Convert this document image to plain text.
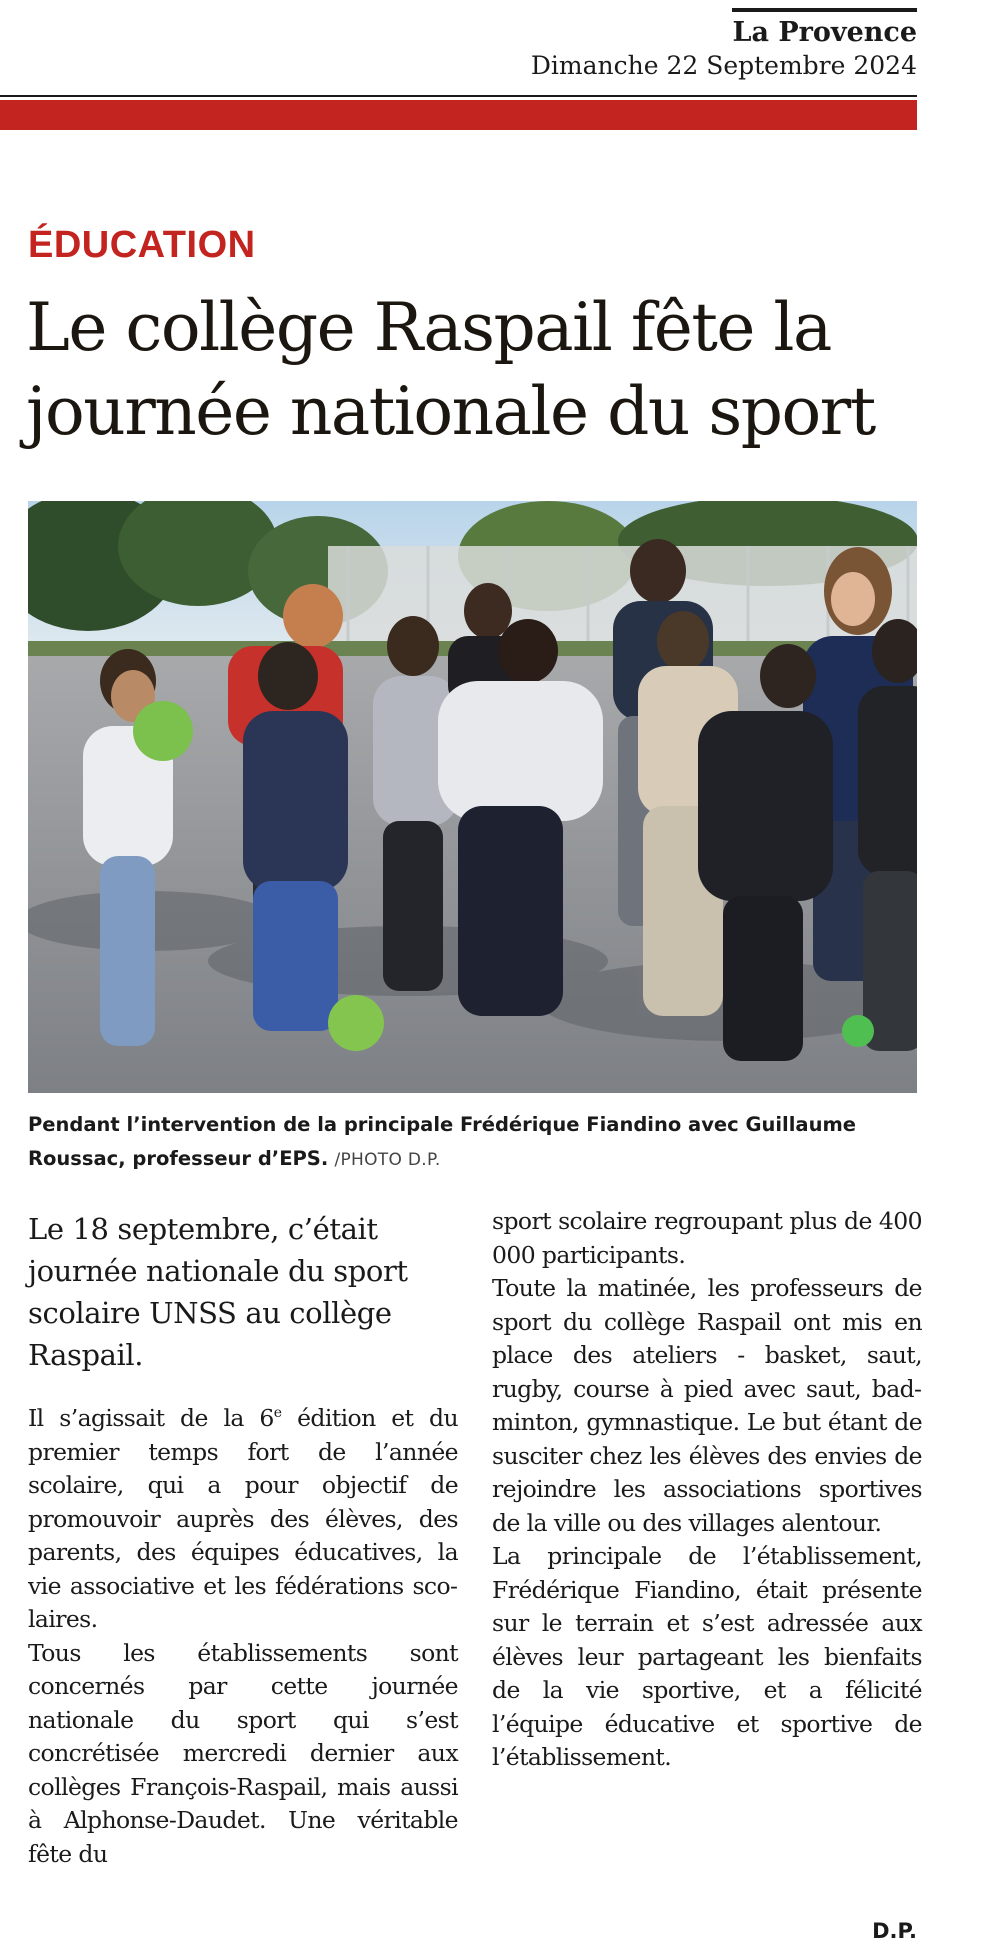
La Provence
Dimanche 22 Septembre 2024
ÉDUCATION
Le collège Raspail fête la
journée nationale du sport
Pendant l’intervention de la principale Frédérique Fiandino avec Guillaume Roussac, professeur d’EPS. /PHOTO D.P.

Le 18 septembre, c’était journée nationale du sport scolaire UNSS au collège Raspail.

Il s’agissait de la 6e édition et du premier temps fort de l’année scolaire, qui a pour objectif de promouvoir auprès des élèves, des parents, des équipes éducatives, la vie associative et les fédérations scolaires.

Tous les établissements sont concernés par cette journée nationale du sport qui s’est concrétisée mercredi dernier aux collèges François-Raspail, mais aussi à Alphonse-Daudet. Une véritable fête du

sport scolaire regroupant plus de 400 000 participants.

Toute la matinée, les professeurs de sport du collège Raspail ont mis en place des ateliers - basket, saut, rugby, course à pied avec saut, badminton, gymnastique. Le but étant de susciter chez les élèves des envies de rejoindre les associations sportives de la ville ou des villages alentour.

La principale de l’établissement, Frédérique Fiandino, était présente sur le terrain et s’est adressée aux élèves leur partageant les bienfaits de la vie sportive, et a félicité l’équipe éducative et sportive de l’établissement.

D.P.
